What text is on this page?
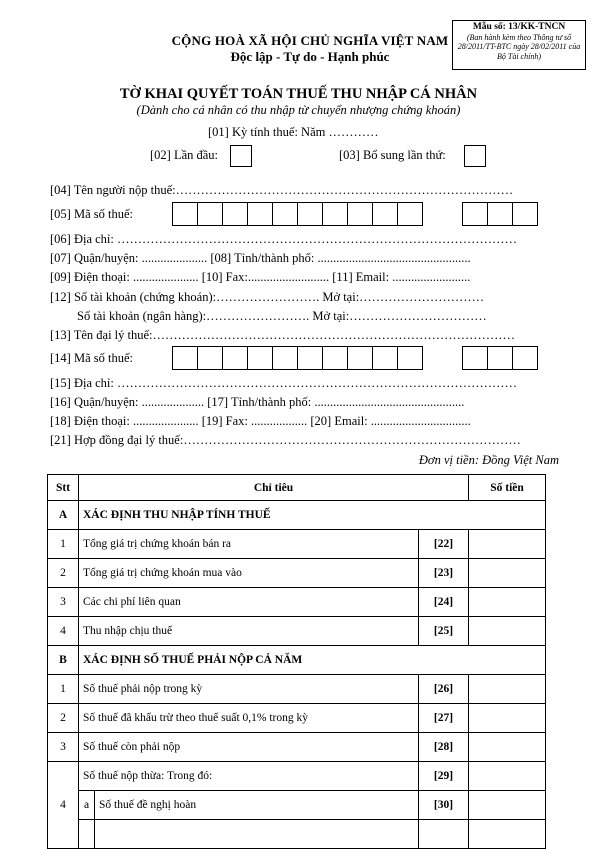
CỘNG HOÀ XÃ HỘI CHỦ NGHĨA VIỆT NAM
Độc lập - Tự do - Hạnh phúc
Mẫu số: 13/KK-TNCN
(Ban hành kèm theo Thông tư số 28/2011/TT-BTC ngày 28/02/2011 của Bộ Tài chính)
TỜ KHAI QUYẾT TOÁN THUẾ THU NHẬP CÁ NHÂN
(Dành cho cá nhân có thu nhập từ chuyển nhượng chứng khoán)
[01] Kỳ tính thuế: Năm …………
[02] Lần đầu:	[03] Bổ sung lần thứ:
[04] Tên người nộp thuế:………………………………………………………………………
[05] Mã số thuế:
[06] Địa chỉ: ……………………………………………………………………………………
[07] Quận/huyện: ..................... [08] Tỉnh/thành phố: .................................................
[09] Điện thoại: ..................... [10] Fax:.......................... [11] Email: .........................
[12] Số tài khoản (chứng khoán):……………………. Mở tại:…………………………
Số tài khoản (ngân hàng):……………………. Mở tại:……………………………
[13] Tên đại lý thuế:……………………………………………………………………………
[14] Mã số thuế:
[15] Địa chỉ: ……………………………………………………………………………………
[16] Quận/huyện: .................... [17] Tỉnh/thành phố: ................................................
[18] Điện thoại: ..................... [19] Fax: .................. [20] Email: ................................
[21] Hợp đồng đại lý thuế:………………………………………………………………………
Đơn vị tiền: Đồng Việt Nam
Stt	Chỉ tiêu			Số tiền
A	XÁC ĐỊNH THU NHẬP TÍNH THUẾ			
1	Tổng giá trị chứng khoán bán ra		[22]	
2	Tổng giá trị chứng khoán mua vào		[23]	
3	Các chi phí liên quan		[24]	
4	Thu nhập chịu thuế		[25]	
B	XÁC ĐỊNH SỐ THUẾ PHẢI NỘP CẢ NĂM			
1	Số thuế phải nộp trong kỳ		[26]	
2	Số thuế đã khấu trừ theo thuế suất 0,1% trong kỳ		[27]	
3	Số thuế còn phải nộp		[28]	
4	Số thuế nộp thừa: Trong đó:		[29]	
	a	Số thuế đề nghị hoàn	[30]	
